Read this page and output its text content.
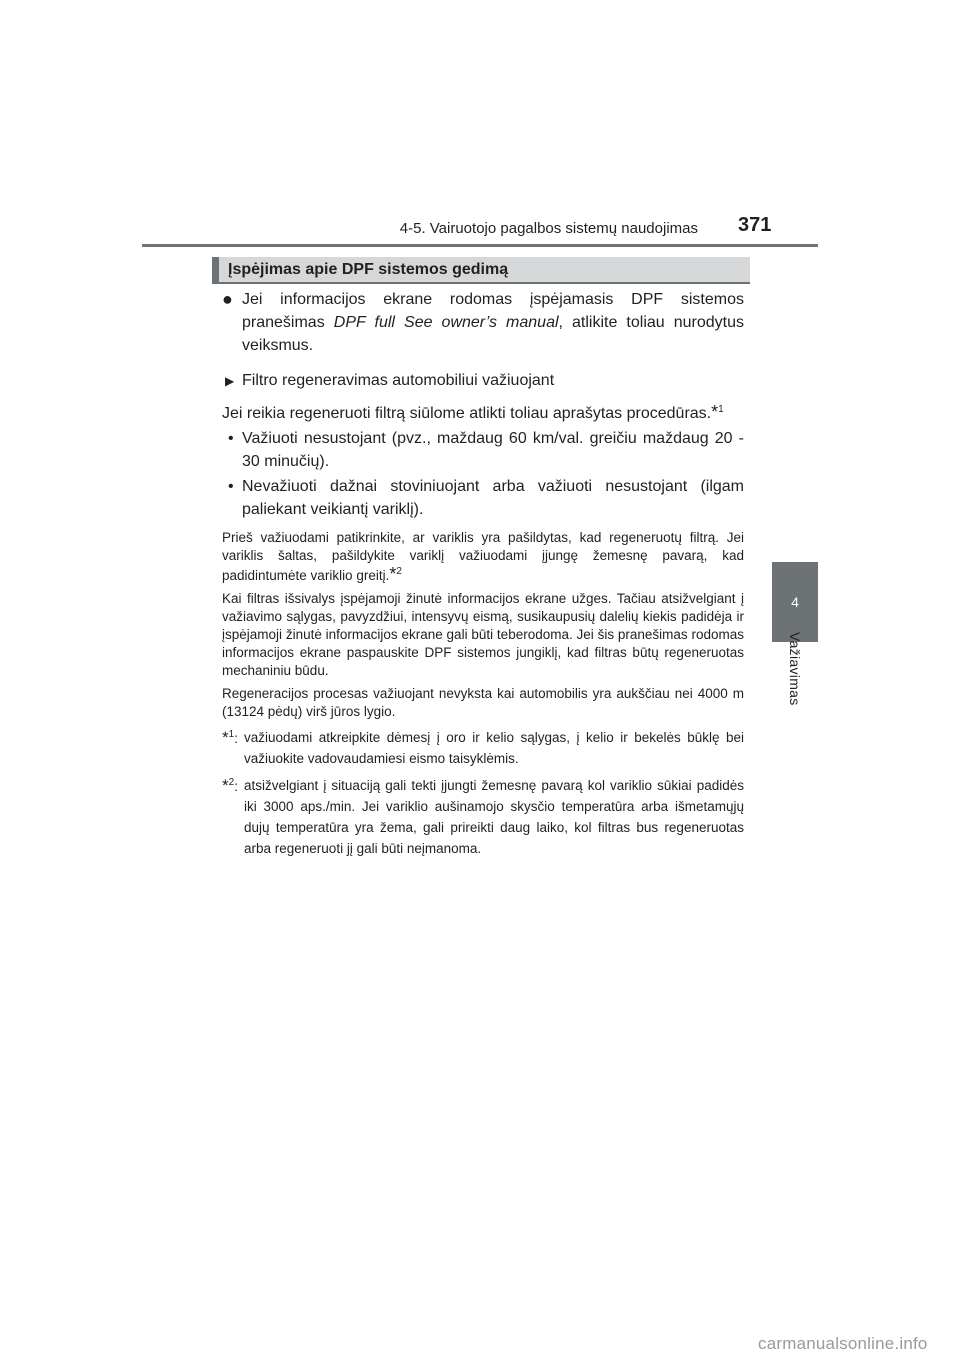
4-5. Vairuotojo pagalbos sistemų naudojimas 371
4
Važiavimas
Įspėjimas apie DPF sistemos gedimą

● Jei informacijos ekrane rodomas įspėjamasis DPF sistemos pranešimas DPF full See owner’s manual, atlikite toliau nurodytus veiksmus.

▶ Filtro regeneravimas automobiliui važiuojant

Jei reikia regeneruoti filtrą siūlome atlikti toliau aprašytas procedūras.*$^1$

• Važiuoti nesustojant (pvz., maždaug 60 km/val. greičiu maždaug 20 - 30 minučių).

• Nevažiuoti dažnai stoviniuojant arba važiuoti nesustojant (ilgam paliekant veikiantį variklį).

Prieš važiuodami patikrinkite, ar variklis yra pašildytas, kad regeneruotų filtrą. Jei variklis šaltas, pašildykite variklį važiuodami įjungę žemesnę pavarą, kad padidintumėte variklio greitį.*$^2$

Kai filtras išsivalys įspėjamoji žinutė informacijos ekrane užges. Tačiau atsižvelgiant į važiavimo sąlygas, pavyzdžiui, intensyvų eismą, susikaupusių dalelių kiekis padidėja ir įspėjamoji žinutė informacijos ekrane gali būti teberodoma. Jei šis pranešimas rodomas informacijos ekrane paspauskite DPF sistemos jungiklį, kad filtras būtų regeneruotas mechaniniu būdu.

Regeneracijos procesas važiuojant nevyksta kai automobilis yra aukščiau nei 4000 m (13124 pėdų) virš jūros lygio.

*$^1$: važiuodami atkreipkite dėmesį į oro ir kelio sąlygas, į kelio ir bekelės būklę bei važiuokite vadovaudamiesi eismo taisyklėmis.

*$^2$: atsižvelgiant į situaciją gali tekti įjungti žemesnę pavarą kol variklio sūkiai padidės iki 3000 aps./min. Jei variklio aušinamojo skysčio temperatūra arba išmetamųjų dujų temperatūra yra žema, gali prireikti daug laiko, kol filtras bus regeneruotas arba regeneruoti jį gali būti neįmanoma.

carmanualsonline.info
